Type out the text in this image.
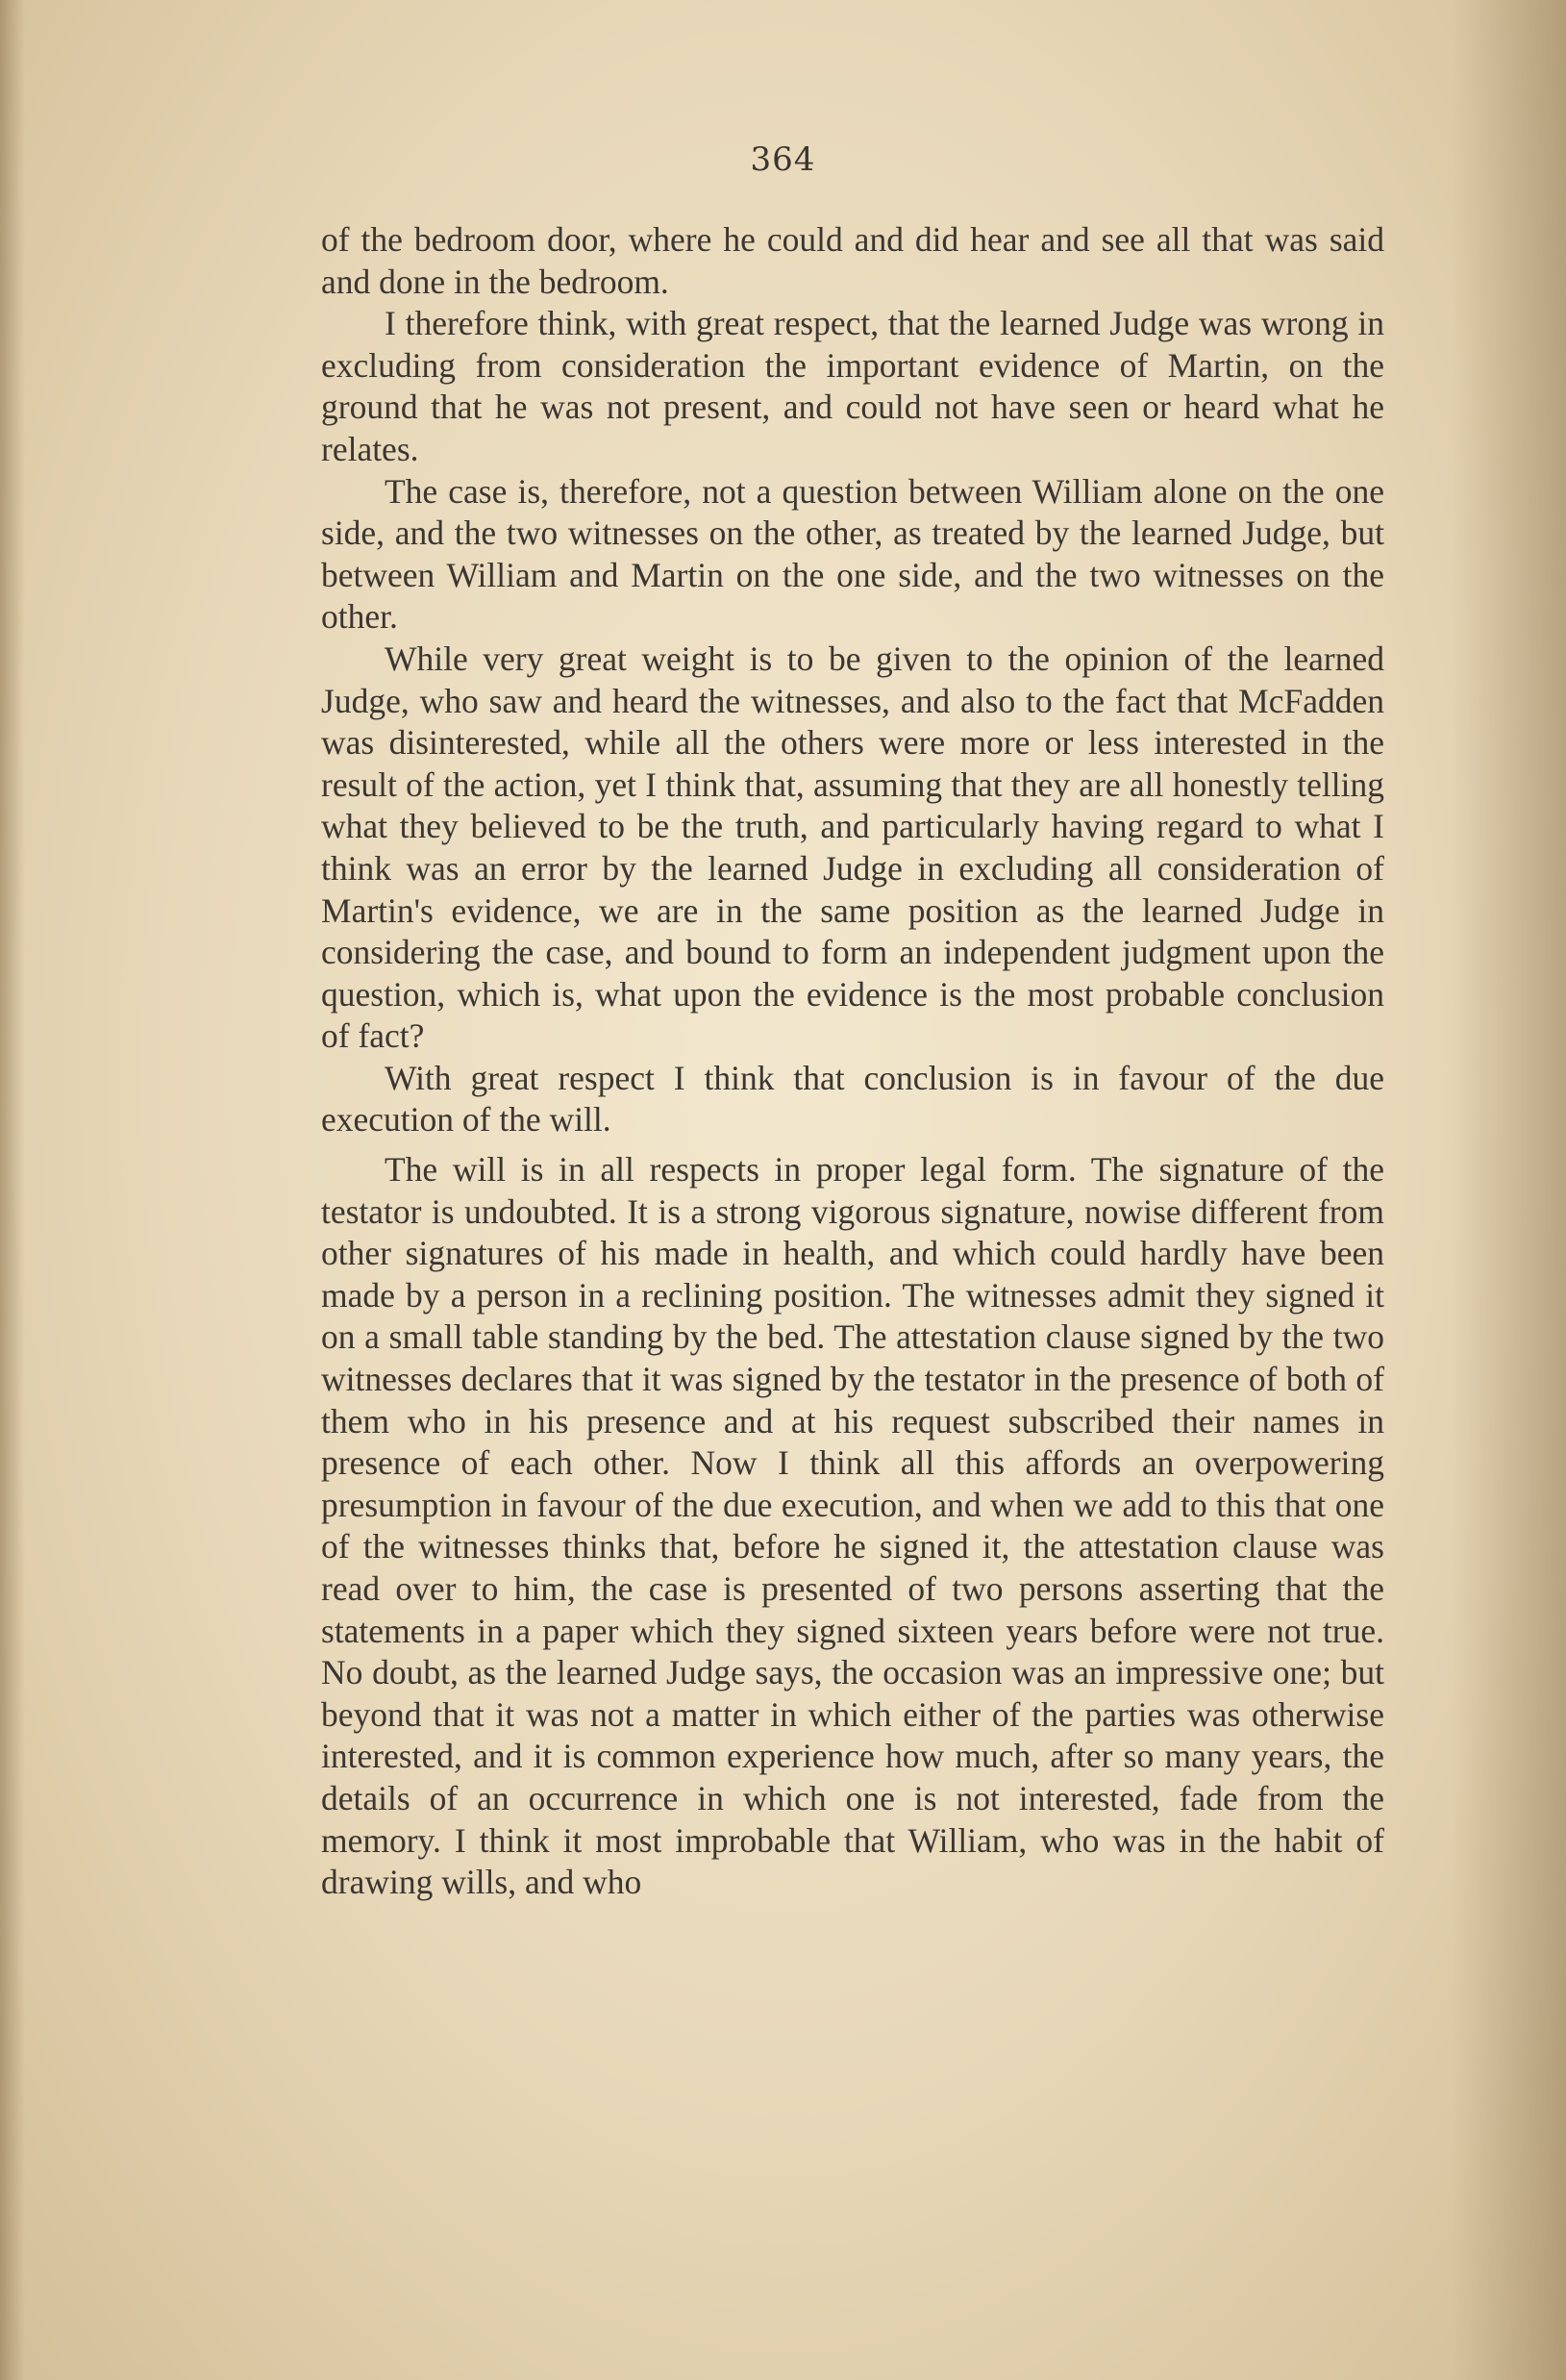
364

of the bedroom door, where he could and did hear and see all that was said and done in the bedroom.

I therefore think, with great respect, that the learned Judge was wrong in excluding from consideration the important evidence of Martin, on the ground that he was not present, and could not have seen or heard what he relates.

The case is, therefore, not a question between William alone on the one side, and the two witnesses on the other, as treated by the learned Judge, but between William and Martin on the one side, and the two witnesses on the other.

While very great weight is to be given to the opinion of the learned Judge, who saw and heard the witnesses, and also to the fact that McFadden was disinterested, while all the others were more or less interested in the result of the action, yet I think that, assuming that they are all honestly telling what they believed to be the truth, and particularly having regard to what I think was an error by the learned Judge in excluding all consideration of Martin's evidence, we are in the same position as the learned Judge in considering the case, and bound to form an independent judgment upon the question, which is, what upon the evidence is the most probable conclusion of fact?

With great respect I think that conclusion is in favour of the due execution of the will.

The will is in all respects in proper legal form. The signature of the testator is undoubted. It is a strong vigorous signature, nowise different from other signatures of his made in health, and which could hardly have been made by a person in a reclining position. The witnesses admit they signed it on a small table standing by the bed. The attestation clause signed by the two witnesses declares that it was signed by the testator in the presence of both of them who in his presence and at his request subscribed their names in presence of each other. Now I think all this affords an overpowering presumption in favour of the due execution, and when we add to this that one of the witnesses thinks that, before he signed it, the attestation clause was read over to him, the case is presented of two persons asserting that the statements in a paper which they signed sixteen years before were not true. No doubt, as the learned Judge says, the occasion was an impressive one; but beyond that it was not a matter in which either of the parties was otherwise interested, and it is common experience how much, after so many years, the details of an occurrence in which one is not interested, fade from the memory. I think it most improbable that William, who was in the habit of drawing wills, and who
